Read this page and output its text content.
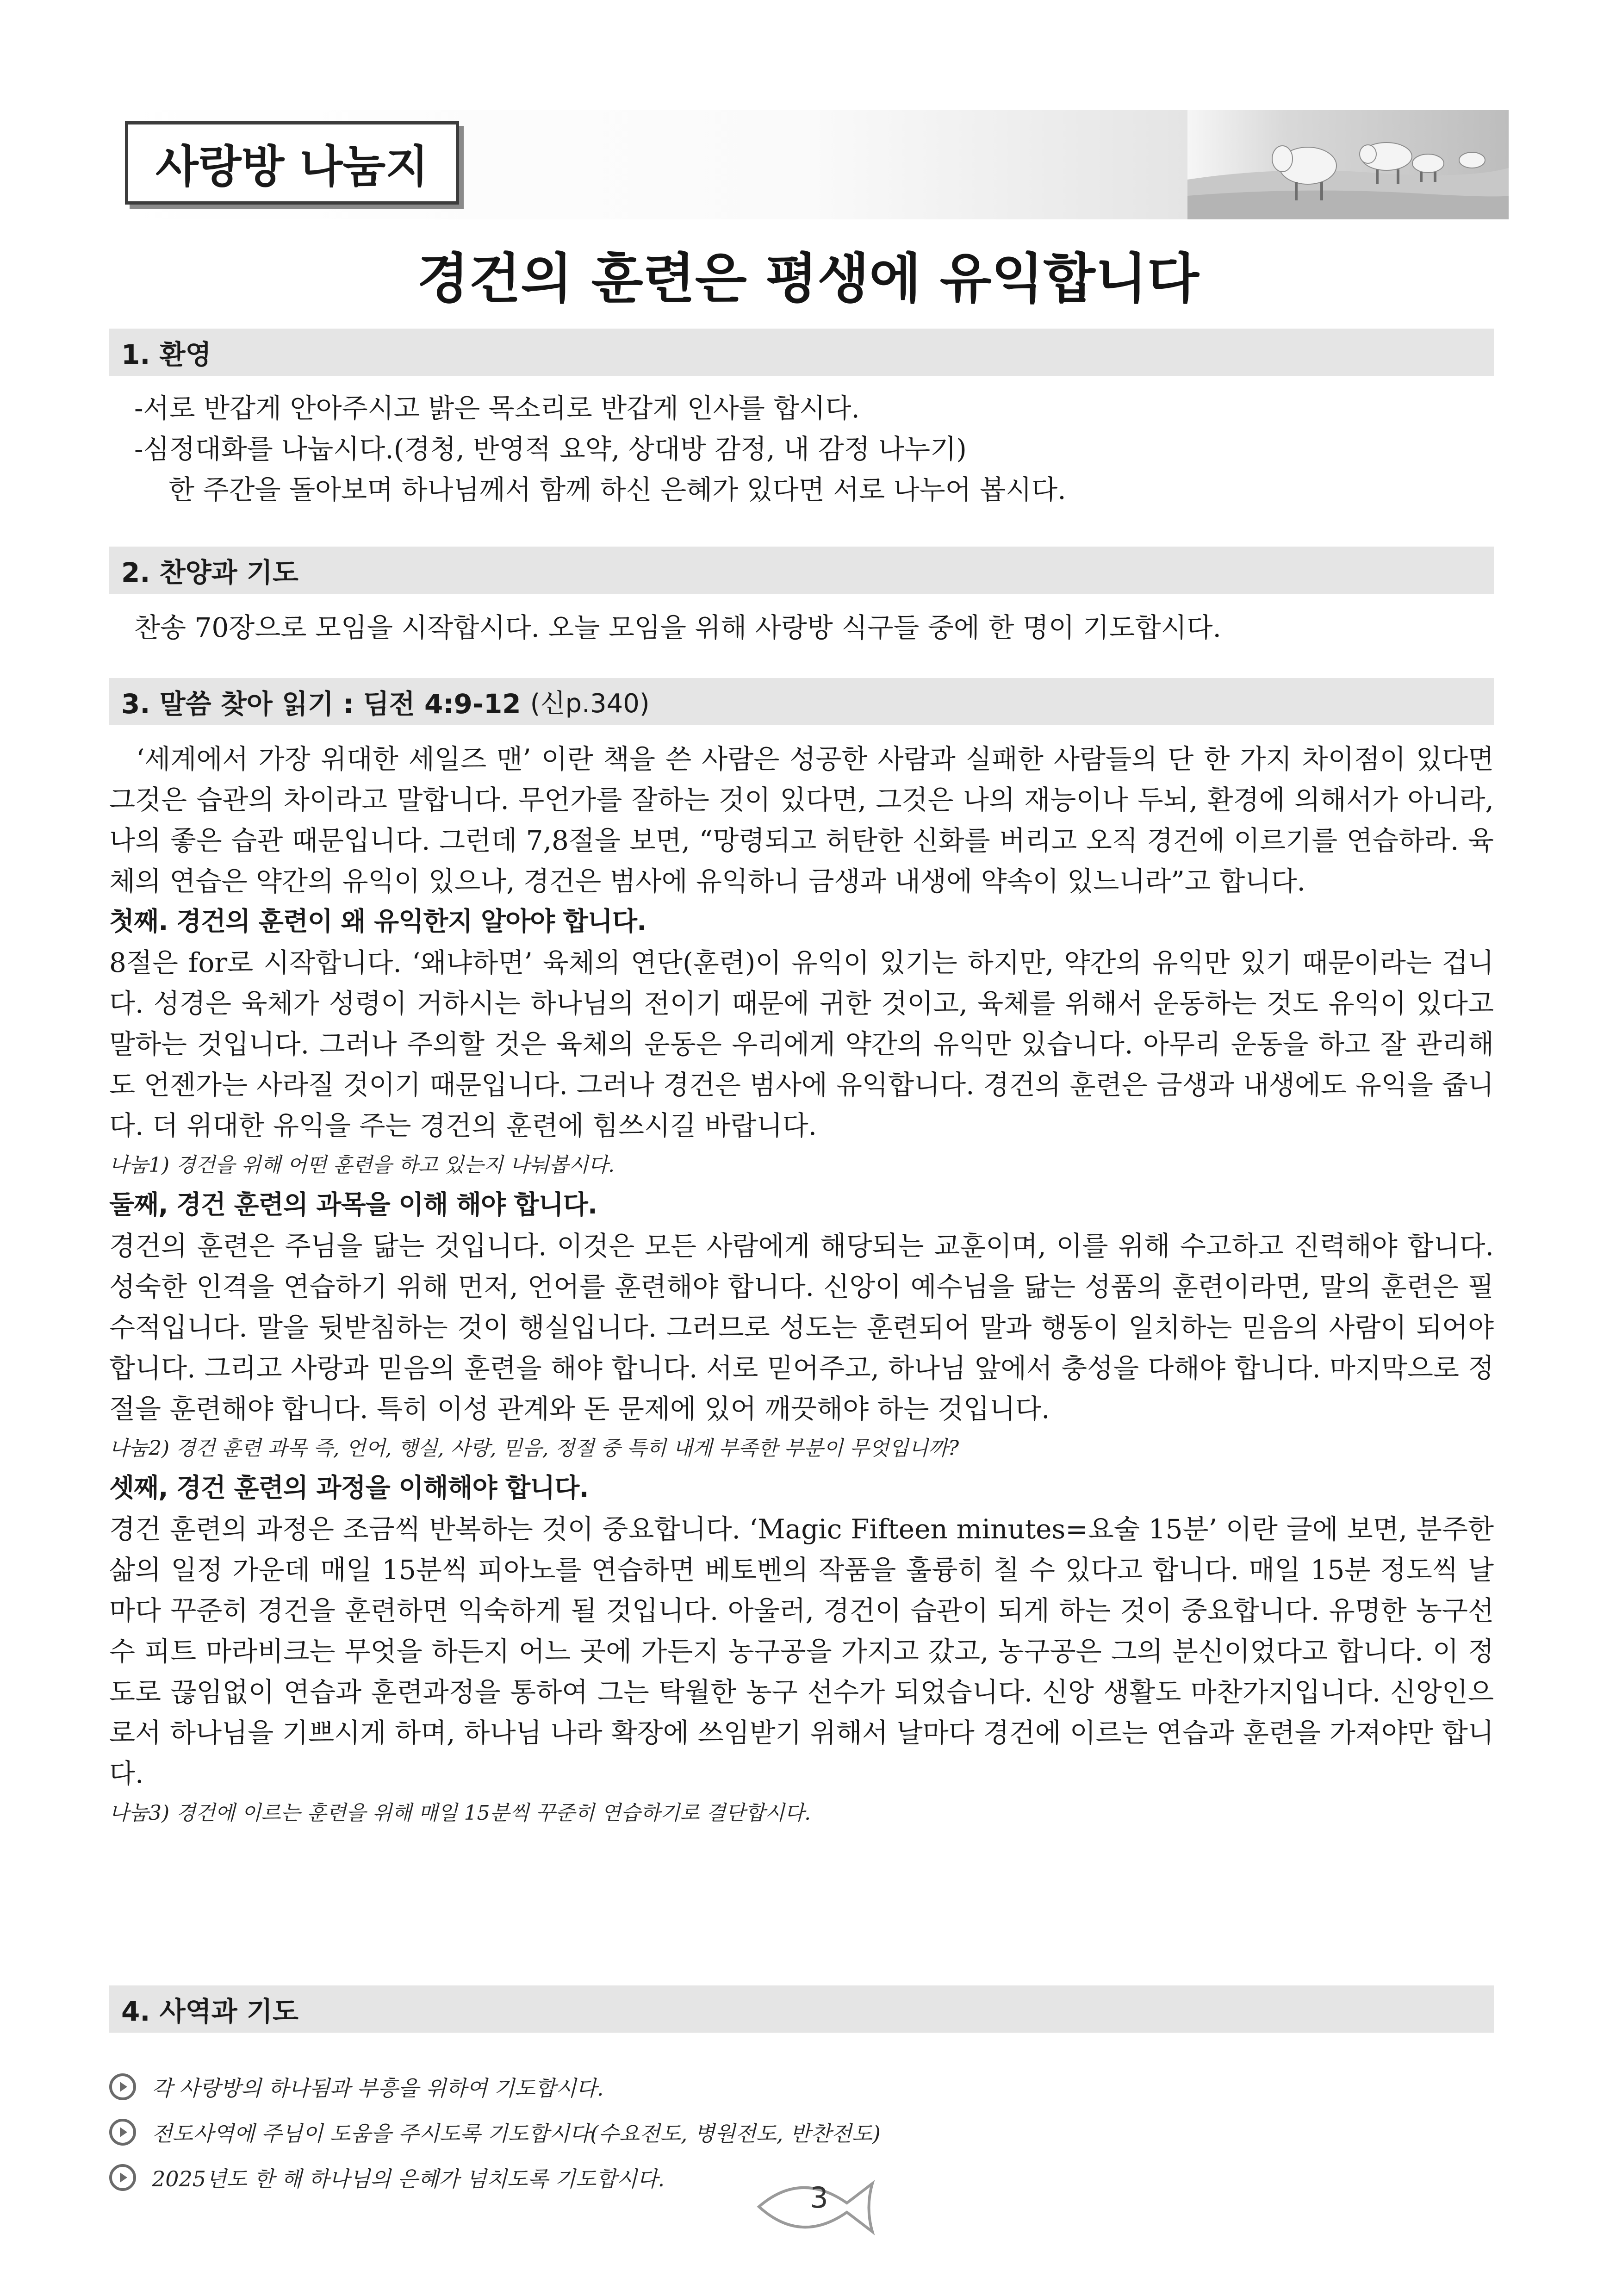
사랑방 나눔지
경건의 훈련은 평생에 유익합니다
1. 환영

-서로 반갑게 안아주시고 밝은 목소리로 반갑게 인사를 합시다.

-심정대화를 나눕시다.(경청, 반영적 요약, 상대방 감정, 내 감정 나누기)

한 주간을 돌아보며 하나님께서 함께 하신 은혜가 있다면 서로 나누어 봅시다.

2. 찬양과 기도

찬송 70장으로 모임을 시작합시다. 오늘 모임을 위해 사랑방 식구들 중에 한 명이 기도합시다.

3. 말씀 찾아 읽기 : 딤전 4:9-12 (신p.340)

‘세계에서 가장 위대한 세일즈 맨’ 이란 책을 쓴 사람은 성공한 사람과 실패한 사람들의 단 한 가지 차이점이 있다면 그것은 습관의 차이라고 말합니다. 무언가를 잘하는 것이 있다면, 그것은 나의 재능이나 두뇌, 환경에 의해서가 아니라, 나의 좋은 습관 때문입니다. 그런데 7,8절을 보면, “망령되고 허탄한 신화를 버리고 오직 경건에 이르기를 연습하라. 육체의 연습은 약간의 유익이 있으나, 경건은 범사에 유익하니 금생과 내생에 약속이 있느니라”고 합니다.

첫째. 경건의 훈련이 왜 유익한지 알아야 합니다.

8절은 for로 시작합니다. ‘왜냐하면’ 육체의 연단(훈련)이 유익이 있기는 하지만, 약간의 유익만 있기 때문이라는 겁니다. 성경은 육체가 성령이 거하시는 하나님의 전이기 때문에 귀한 것이고, 육체를 위해서 운동하는 것도 유익이 있다고 말하는 것입니다. 그러나 주의할 것은 육체의 운동은 우리에게 약간의 유익만 있습니다. 아무리 운동을 하고 잘 관리해도 언젠가는 사라질 것이기 때문입니다. 그러나 경건은 범사에 유익합니다. 경건의 훈련은 금생과 내생에도 유익을 줍니다. 더 위대한 유익을 주는 경건의 훈련에 힘쓰시길 바랍니다.

나눔1) 경건을 위해 어떤 훈련을 하고 있는지 나눠봅시다.

둘째, 경건 훈련의 과목을 이해 해야 합니다.

경건의 훈련은 주님을 닮는 것입니다. 이것은 모든 사람에게 해당되는 교훈이며, 이를 위해 수고하고 진력해야 합니다. 성숙한 인격을 연습하기 위해 먼저, 언어를 훈련해야 합니다. 신앙이 예수님을 닮는 성품의 훈련이라면, 말의 훈련은 필수적입니다. 말을 뒷받침하는 것이 행실입니다. 그러므로 성도는 훈련되어 말과 행동이 일치하는 믿음의 사람이 되어야 합니다. 그리고 사랑과 믿음의 훈련을 해야 합니다. 서로 믿어주고, 하나님 앞에서 충성을 다해야 합니다. 마지막으로 정절을 훈련해야 합니다. 특히 이성 관계와 돈 문제에 있어 깨끗해야 하는 것입니다.

나눔2) 경건 훈련 과목 즉, 언어, 행실, 사랑, 믿음, 정절 중 특히 내게 부족한 부분이 무엇입니까?

셋째, 경건 훈련의 과정을 이해해야 합니다.

경건 훈련의 과정은 조금씩 반복하는 것이 중요합니다. ‘Magic Fifteen minutes=요술 15분’ 이란 글에 보면, 분주한 삶의 일정 가운데 매일 15분씩 피아노를 연습하면 베토벤의 작품을 훌륭히 칠 수 있다고 합니다. 매일 15분 정도씩 날마다 꾸준히 경건을 훈련하면 익숙하게 될 것입니다. 아울러, 경건이 습관이 되게 하는 것이 중요합니다. 유명한 농구선수 피트 마라비크는 무엇을 하든지 어느 곳에 가든지 농구공을 가지고 갔고, 농구공은 그의 분신이었다고 합니다. 이 정도로 끊임없이 연습과 훈련과정을 통하여 그는 탁월한 농구 선수가 되었습니다. 신앙 생활도 마찬가지입니다. 신앙인으로서 하나님을 기쁘시게 하며, 하나님 나라 확장에 쓰임받기 위해서 날마다 경건에 이르는 연습과 훈련을 가져야만 합니다.

나눔3) 경건에 이르는 훈련을 위해 매일 15분씩 꾸준히 연습하기로 결단합시다.

4. 사역과 기도
각 사랑방의 하나됨과 부흥을 위하여 기도합시다.
전도사역에 주님이 도움을 주시도록 기도합시다(수요전도, 병원전도, 반찬전도)
2025년도 한 해 하나님의 은혜가 넘치도록 기도합시다.
3
